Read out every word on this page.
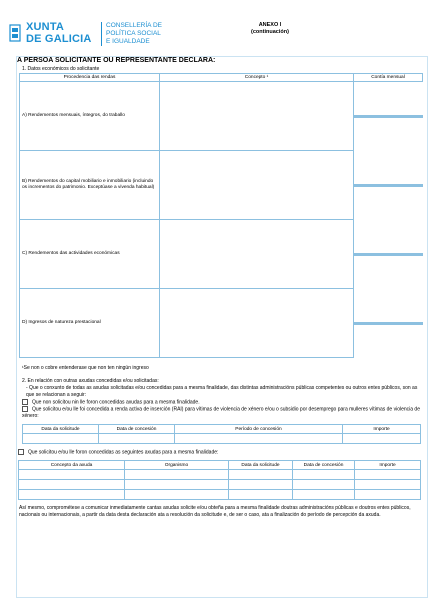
XUNTA
DE GALICIA
CONSELLERÍA DE
POLÍTICA SOCIAL
E IGUALDADE
ANEXO I
(continuación)
A PERSOA SOLICITANTE OU REPRESENTANTE DECLARA:
1. Datos económicos do solicitante
Procedencia das rendas	Concepto ¹	Contía mensual
A) Rendementos mensuais, íntegros, do traballo		

B) Rendementos do capital mobiliario e inmobiliario (incluindo os incrementos do patrimonio. Exceptúase a vivenda habitual)		

C) Rendementos das actividades económicas		

D) Ingresos de natureza prestacional		
¹Se non o cobre entenderase que non ten ningún ingreso
2. En relación con outras axudas concedidas e/ou solicitadas:
- Que o conxunto de todas as axudas solicitadas e/ou concedidas para a mesma finalidade, das distintas administracións públicas competentes ou outros entes públicos, son as que se relacionan a seguir:
Que non solicitou nin lle foron concedidas axudas para a mesma finalidade.
Que solicitou e/ou lle foi concedida a renda activa de inserción (RAI) para vítimas de violencia de xénero e/ou o subsidio por desemprego para mulleres vítimas de violencia de xénero:
Data da solicitude	Data de concesión	Período de concesión	Importe

Que solicitou e/ou lle foron concedidas as seguintes axudas para a mesma finalidade:
Concepto da axuda	Organismo	Data da solicitude	Data de concesión	Importe

Así mesmo, comprométese a comunicar inmediatamente cantas axudas solicite e/ou obteña para a mesma finalidade doutras administracións públicas e doutros entes públicos, nacionais ou internacionais, a partir da data desta declaración ata a resolución da solicitude e, de ser o caso, ata a finalización do período de percepción da axuda.
